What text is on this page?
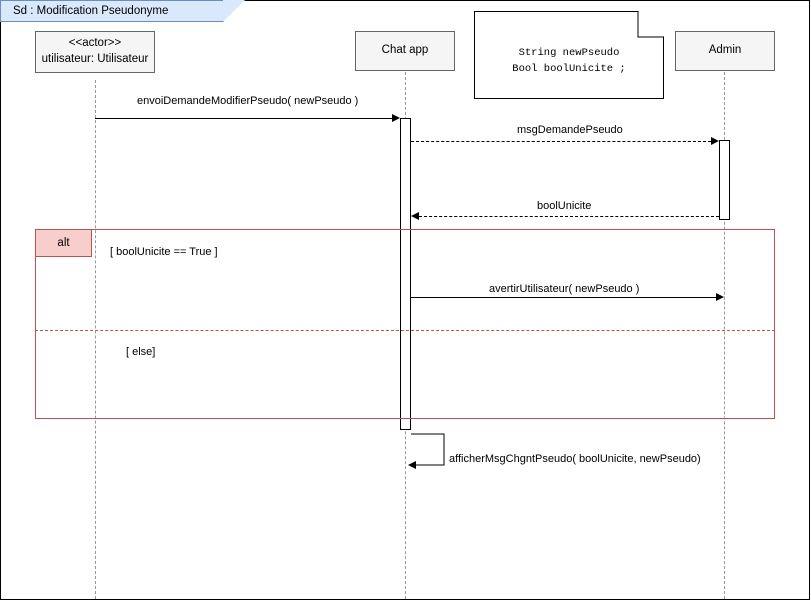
Sd : Modification Pseudonyme
<<actor>>
utilisateur: Utilisateur
Chat app	Admin
String newPseudo
Bool boolUnicite ;
envoiDemandeModifierPseudo( newPseudo )
msgDemandePseudo
boolUnicite
alt
[ boolUnicite == True ]
[ else]
avertirUtilisateur( newPseudo )
afficherMsgChgntPseudo( boolUnicite, newPseudo)
